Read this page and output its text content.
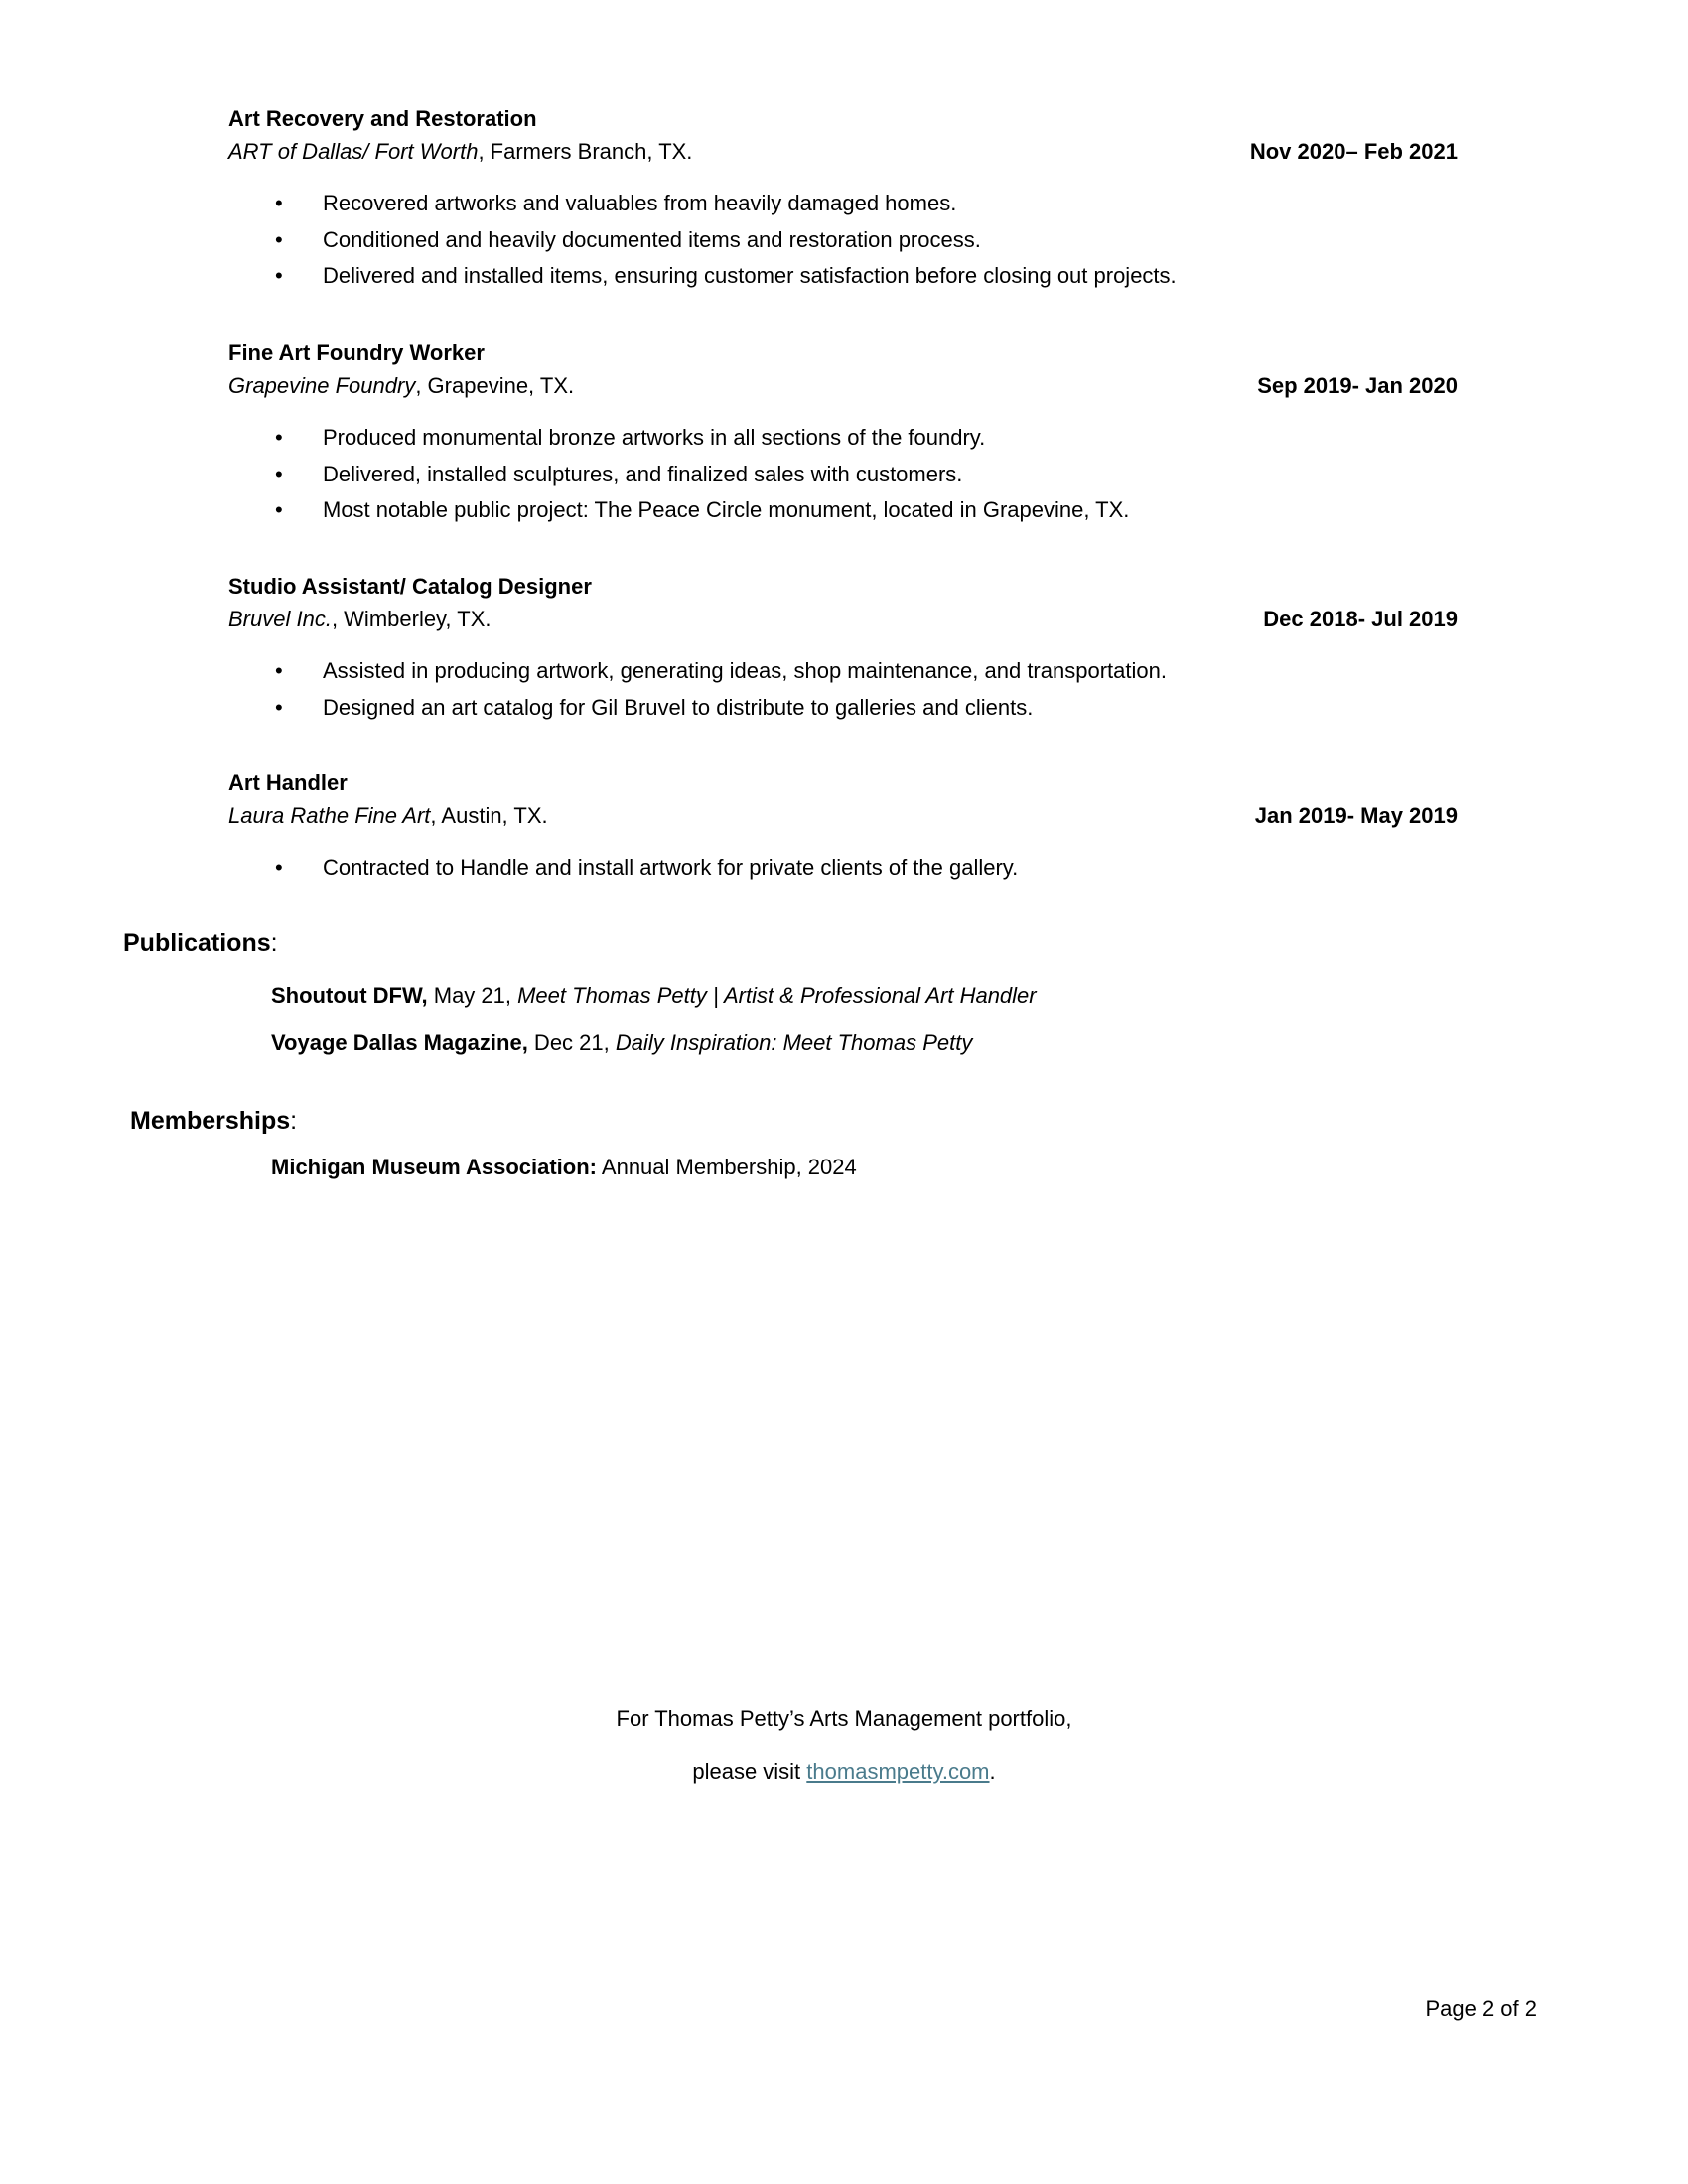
Art Recovery and Restoration
ART of Dallas/ Fort Worth, Farmers Branch, TX.	Nov 2020– Feb 2021
• Recovered artworks and valuables from heavily damaged homes.
• Conditioned and heavily documented items and restoration process.
• Delivered and installed items, ensuring customer satisfaction before closing out projects.
Fine Art Foundry Worker
Grapevine Foundry, Grapevine, TX.	Sep 2019- Jan 2020
• Produced monumental bronze artworks in all sections of the foundry.
• Delivered, installed sculptures, and finalized sales with customers.
• Most notable public project: The Peace Circle monument, located in Grapevine, TX.
Studio Assistant/ Catalog Designer
Bruvel Inc., Wimberley, TX.	Dec 2018- Jul 2019
• Assisted in producing artwork, generating ideas, shop maintenance, and transportation.
• Designed an art catalog for Gil Bruvel to distribute to galleries and clients.
Art Handler
Laura Rathe Fine Art, Austin, TX.	Jan 2019- May 2019
• Contracted to Handle and install artwork for private clients of the gallery.
Publications:
Shoutout DFW, May 21, Meet Thomas Petty | Artist & Professional Art Handler
Voyage Dallas Magazine, Dec 21, Daily Inspiration: Meet Thomas Petty
Memberships:
Michigan Museum Association: Annual Membership, 2024
For Thomas Petty’s Arts Management portfolio,
please visit thomasmpetty.com.
Page 2 of 2
